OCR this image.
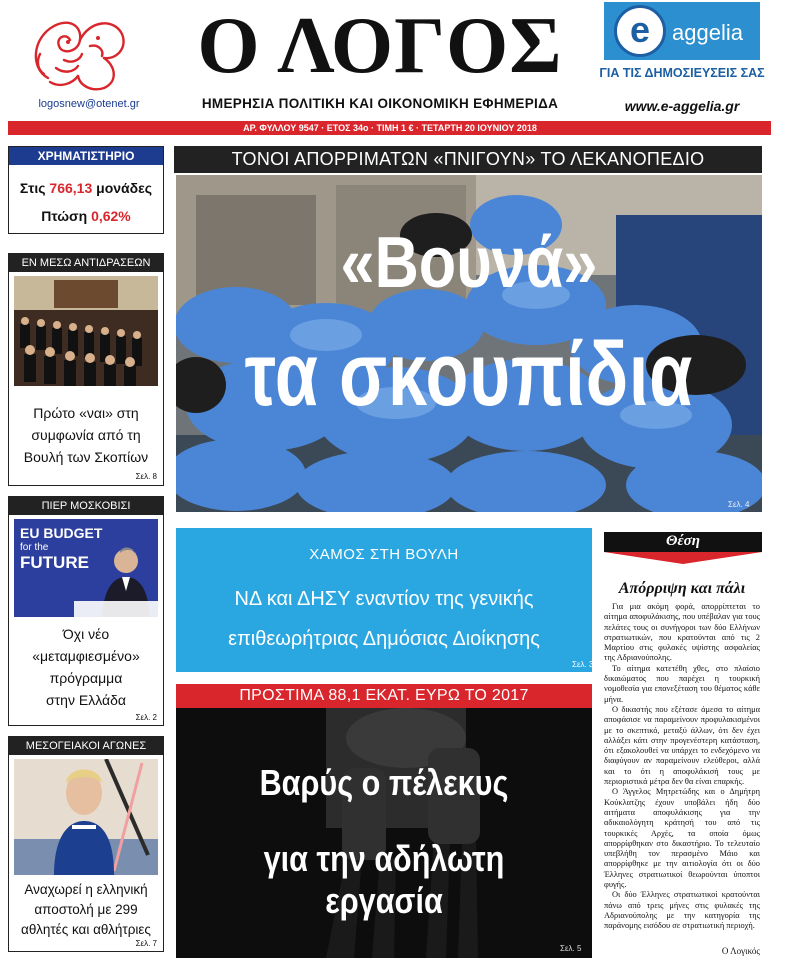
logosnew@otenet.gr
Ο ΛΟΓΟΣ
ΗΜΕΡΗΣΙΑ ΠΟΛΙΤΙΚΗ ΚΑΙ ΟΙΚΟΝΟΜΙΚΗ ΕΦΗΜΕΡΙΔΑ
e aggelia
ΓΙΑ ΤΙΣ ΔΗΜΟΣΙΕΥΣΕΙΣ ΣΑΣ
www.e-aggelia.gr
ΑΡ. ΦΥΛΛΟΥ 9547 · ΕΤΟΣ 34ο · ΤΙΜΗ 1 € · ΤΕΤΑΡΤΗ 20 ΙΟΥΝΙΟΥ 2018
ΧΡΗΜΑΤΙΣΤΗΡΙΟ
Στις 766,13 μονάδες
Πτώση 0,62%
ΕΝ ΜΕΣΩ ΑΝΤΙΔΡΑΣΕΩΝ
Πρώτο «ναι» στη
συμφωνία από τη
Βουλή των Σκοπίων
Σελ. 8
ΠΙΕΡ ΜΟΣΚΟΒΙΣΙ
EU BUDGET
for the
FUTURE
Όχι νέο
«μεταμφιεσμένο»
πρόγραμμα
στην Ελλάδα
Σελ. 2
ΜΕΣΟΓΕΙΑΚΟΙ ΑΓΩΝΕΣ
Αναχωρεί η ελληνική
αποστολή με 299
αθλητές και αθλήτριες
Σελ. 7
ΤΟΝΟΙ ΑΠΟΡΡΙΜΑΤΩΝ «ΠΝΙΓΟΥΝ» ΤΟ ΛΕΚΑΝΟΠΕΔΙΟ
«Βουνά»
τα σκουπίδια
Σελ. 4
ΧΑΜΟΣ ΣΤΗ ΒΟΥΛΗ
ΝΔ και ΔΗΣΥ εναντίον της γενικής
επιθεωρήτριας Δημόσιας Διοίκησης
Σελ. 3
ΠΡΟΣΤΙΜΑ 88,1 ΕΚΑΤ. ΕΥΡΩ ΤΟ 2017
Βαρύς ο πέλεκυς
για την αδήλωτη εργασία
Σελ. 5
Θέση
Απόρριψη και πάλι

Για μια ακόμη φορά, απορρίπτεται το αίτημα αποφυλάκισης, που υπέβαλαν για τους πελάτες τους οι συνήγοροι των δύο Ελλήνων στρατιωτικών, που κρατούνται από τις 2 Μαρτίου στις φυλακές υψίστης ασφαλείας της Αδριανούπολης.

Το αίτημα κατετέθη χθες, στο πλαίσιο δικαιώματος που παρέχει η τουρκική νομοθεσία για επανεξέταση του θέματος κάθε μήνα.

Ο δικαστής που εξέτασε άμεσα το αίτημα αποφάσισε να παραμείνουν προφυλακισμένοι με το σκεπτικό, μεταξύ άλλων, ότι δεν έχει αλλάξει κάτι στην προγενέστερη κατάσταση, ότι εξακολουθεί να υπάρχει το ενδεχόμενο να διαφύγουν αν παραμείνουν ελεύθεροι, αλλά και το ότι η αποφυλάκισή τους με περιοριστικά μέτρα δεν θα είναι επαρκής.

Ο Άγγελος Μητρετώδης και ο Δημήτρη Κούκλατζης έχουν υποβάλει ήδη δύο αιτήματα αποφυλάκισης για την αδικαιολόγητη κράτησή του από τις τουρκικές Αρχές, τα οποία όμως απορρίφθηκαν στο δικαστήριο. Το τελευταίο υπεβλήθη τον περασμένο Μάιο και απορρίφθηκε με την αιτιολογία ότι οι δύο Έλληνες στρατιωτικοί θεωρούνται ύποπτοι φυγής.

Οι δύο Έλληνες στρατιωτικοί κρατούνται πάνω από τρεις μήνες στις φυλακές της Αδριανούπολης με την κατηγορία της παράνομης εισόδου σε στρατιωτική περιοχή.

Ο Λογικός
